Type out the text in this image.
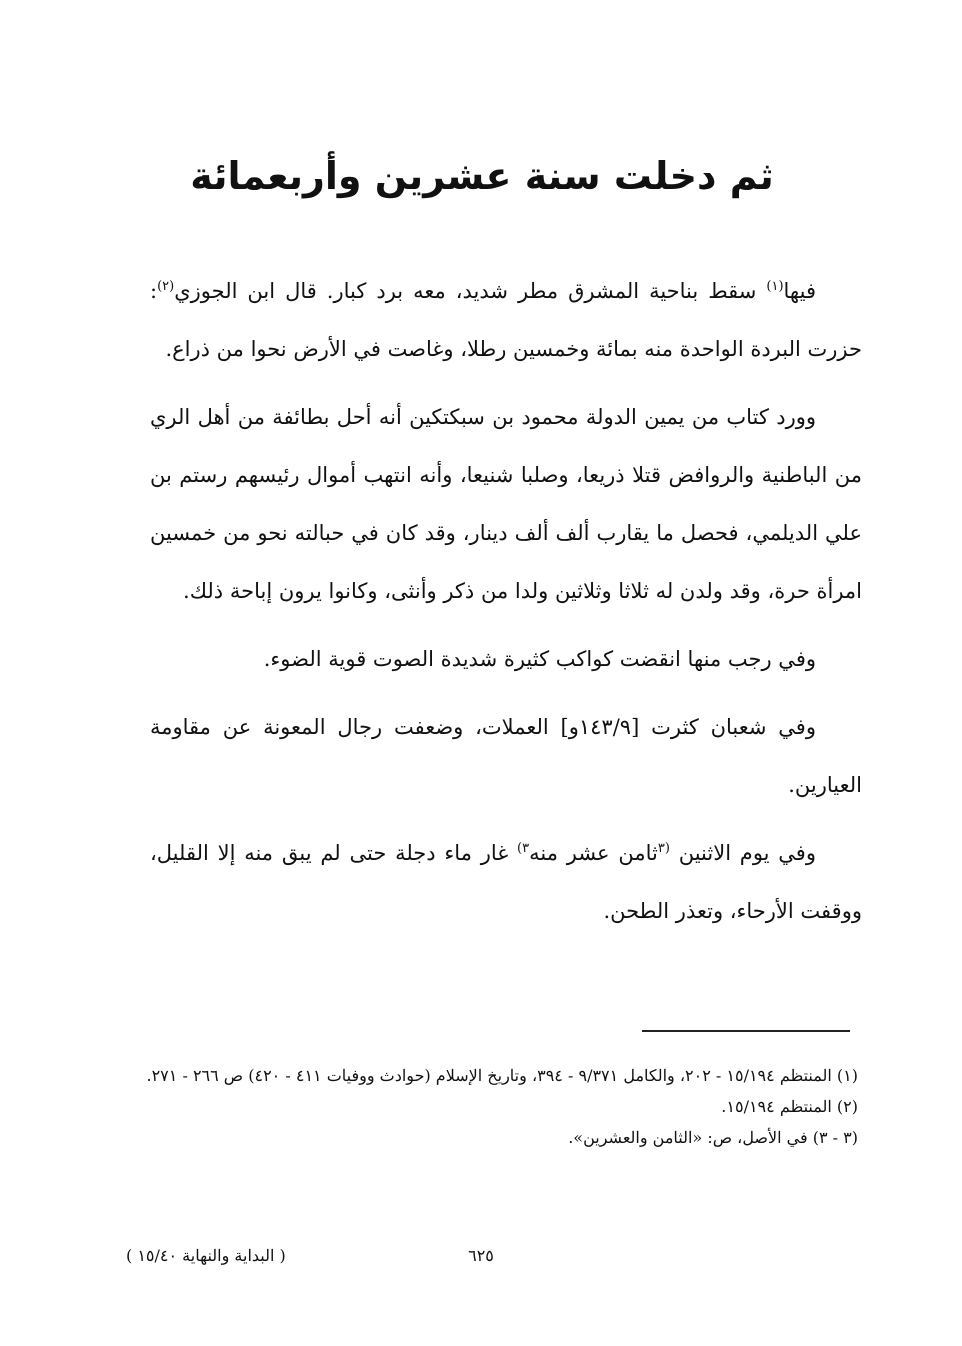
ثم دخلت سنة عشرين وأربعمائة

فيها$^{(١)}$ سقط بناحية المشرق مطر شديد، معه برد كبار. قال ابن الجوزي$^{(٢)}$: حزرت البردة الواحدة منه بمائة وخمسين رطلا، وغاصت في الأرض نحوا من ذراع.

وورد كتاب من يمين الدولة محمود بن سبكتكين أنه أحل بطائفة من أهل الري من الباطنية والروافض قتلا ذريعا، وصلبا شنيعا، وأنه انتهب أموال رئيسهم رستم بن علي الديلمي، فحصل ما يقارب ألف ألف دينار، وقد كان في حبالته نحو من خمسين امرأة حرة، وقد ولدن له ثلاثا وثلاثين ولدا من ذكر وأنثى، وكانوا يرون إباحة ذلك.

وفي رجب منها انقضت كواكب كثيرة شديدة الصوت قوية الضوء.

وفي شعبان كثرت [١٤٣/٩و] العملات، وضعفت رجال المعونة عن مقاومة العيارين.

وفي يوم الاثنين $^{(٣}$ثامن عشر منه$^{٣)}$ غار ماء دجلة حتى لم يبق منه إلا القليل، ووقفت الأرحاء، وتعذر الطحن.

(١) المنتظم ١٥/١٩٤ - ٢٠٢، والكامل ٩/٣٧١ - ٣٩٤، وتاريخ الإسلام (حوادث ووفيات ٤١١ - ٤٢٠) ص ٢٦٦ - ٢٧١.

(٢) المنتظم ١٥/١٩٤.

(٣ - ٣) في الأصل، ص: «الثامن والعشرين».

٦٢٥
( البداية والنهاية ١٥/٤٠ )
